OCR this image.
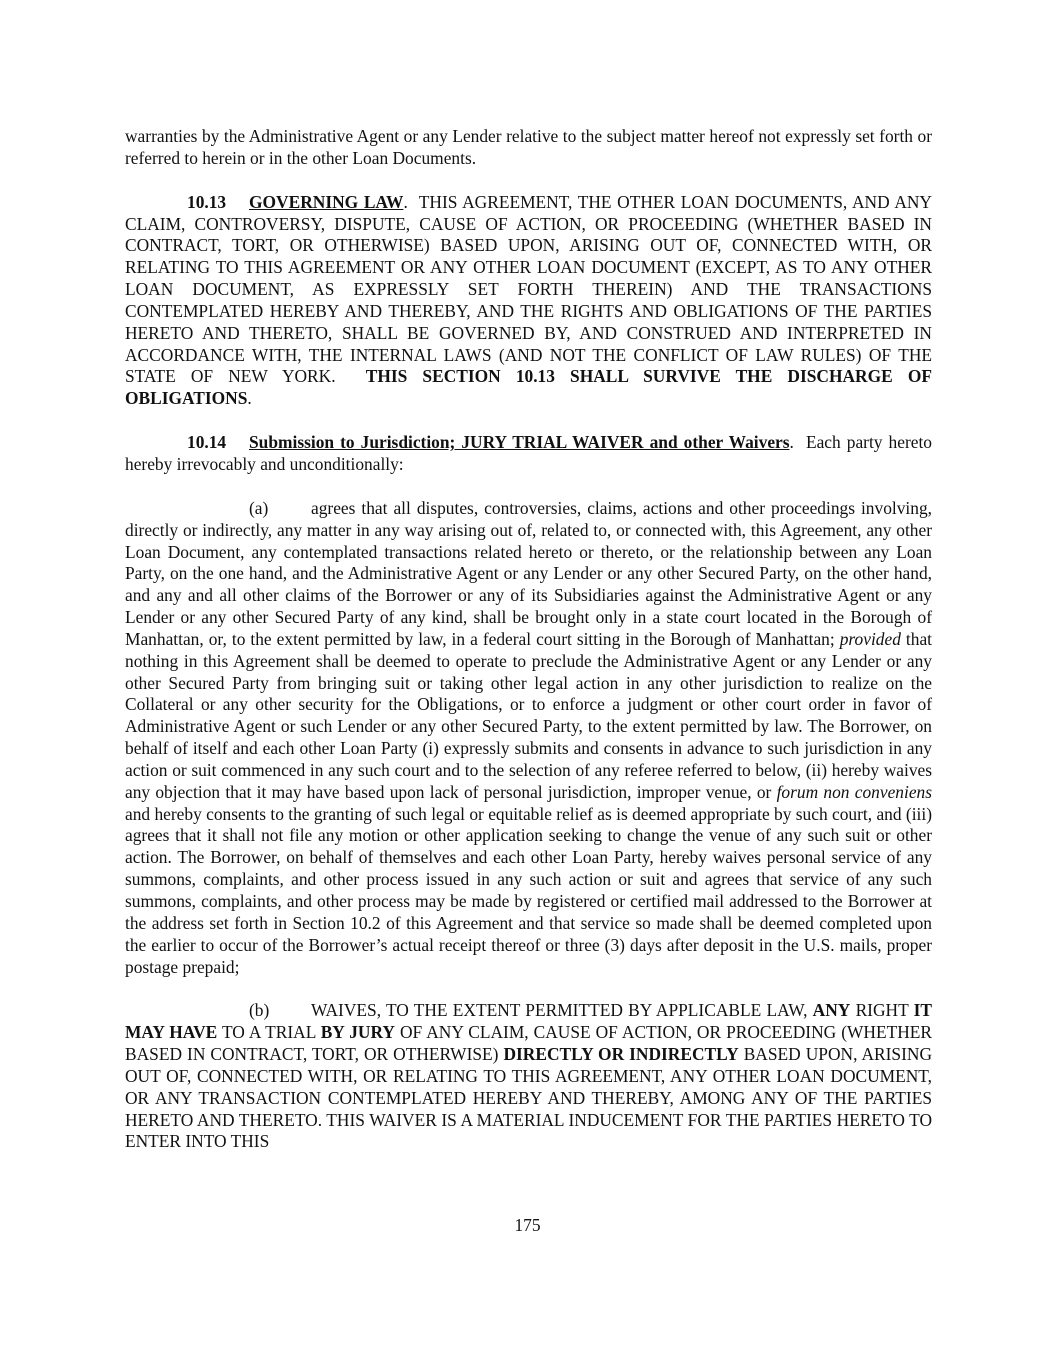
warranties by the Administrative Agent or any Lender relative to the subject matter hereof not expressly set forth or referred to herein or in the other Loan Documents.

10.13 GOVERNING LAW.  THIS AGREEMENT, THE OTHER LOAN DOCUMENTS, AND ANY CLAIM, CONTROVERSY, DISPUTE, CAUSE OF ACTION, OR PROCEEDING (WHETHER BASED IN CONTRACT, TORT, OR OTHERWISE) BASED UPON, ARISING OUT OF, CONNECTED WITH, OR RELATING TO THIS AGREEMENT OR ANY OTHER LOAN DOCUMENT (EXCEPT, AS TO ANY OTHER LOAN DOCUMENT, AS EXPRESSLY SET FORTH THEREIN) AND THE TRANSACTIONS CONTEMPLATED HEREBY AND THEREBY, AND THE RIGHTS AND OBLIGATIONS OF THE PARTIES HERETO AND THERETO, SHALL BE GOVERNED BY, AND CONSTRUED AND INTERPRETED IN ACCORDANCE WITH, THE INTERNAL LAWS (AND NOT THE CONFLICT OF LAW RULES) OF THE STATE OF NEW YORK.  THIS SECTION 10.13 SHALL SURVIVE THE DISCHARGE OF OBLIGATIONS.

10.14 Submission to Jurisdiction; JURY TRIAL WAIVER and other Waivers.  Each party hereto hereby irrevocably and unconditionally:

(a) agrees that all disputes, controversies, claims, actions and other proceedings involving, directly or indirectly, any matter in any way arising out of, related to, or connected with, this Agreement, any other Loan Document, any contemplated transactions related hereto or thereto, or the relationship between any Loan Party, on the one hand, and the Administrative Agent or any Lender or any other Secured Party, on the other hand, and any and all other claims of the Borrower or any of its Subsidiaries against the Administrative Agent or any Lender or any other Secured Party of any kind, shall be brought only in a state court located in the Borough of Manhattan, or, to the extent permitted by law, in a federal court sitting in the Borough of Manhattan; provided that nothing in this Agreement shall be deemed to operate to preclude the Administrative Agent or any Lender or any other Secured Party from bringing suit or taking other legal action in any other jurisdiction to realize on the Collateral or any other security for the Obligations, or to enforce a judgment or other court order in favor of Administrative Agent or such Lender or any other Secured Party, to the extent permitted by law. The Borrower, on behalf of itself and each other Loan Party (i) expressly submits and consents in advance to such jurisdiction in any action or suit commenced in any such court and to the selection of any referee referred to below, (ii) hereby waives any objection that it may have based upon lack of personal jurisdiction, improper venue, or forum non conveniens and hereby consents to the granting of such legal or equitable relief as is deemed appropriate by such court, and (iii) agrees that it shall not file any motion or other application seeking to change the venue of any such suit or other action. The Borrower, on behalf of themselves and each other Loan Party, hereby waives personal service of any summons, complaints, and other process issued in any such action or suit and agrees that service of any such summons, complaints, and other process may be made by registered or certified mail addressed to the Borrower at the address set forth in Section 10.2 of this Agreement and that service so made shall be deemed completed upon the earlier to occur of the Borrower’s actual receipt thereof or three (3) days after deposit in the U.S. mails, proper postage prepaid;

(b) WAIVES, TO THE EXTENT PERMITTED BY APPLICABLE LAW, ANY RIGHT IT MAY HAVE TO A TRIAL BY JURY OF ANY CLAIM, CAUSE OF ACTION, OR PROCEEDING (WHETHER BASED IN CONTRACT, TORT, OR OTHERWISE) DIRECTLY OR INDIRECTLY BASED UPON, ARISING OUT OF, CONNECTED WITH, OR RELATING TO THIS AGREEMENT, ANY OTHER LOAN DOCUMENT, OR ANY TRANSACTION CONTEMPLATED HEREBY AND THEREBY, AMONG ANY OF THE PARTIES HERETO AND THERETO. THIS WAIVER IS A MATERIAL INDUCEMENT FOR THE PARTIES HERETO TO ENTER INTO THIS

175
